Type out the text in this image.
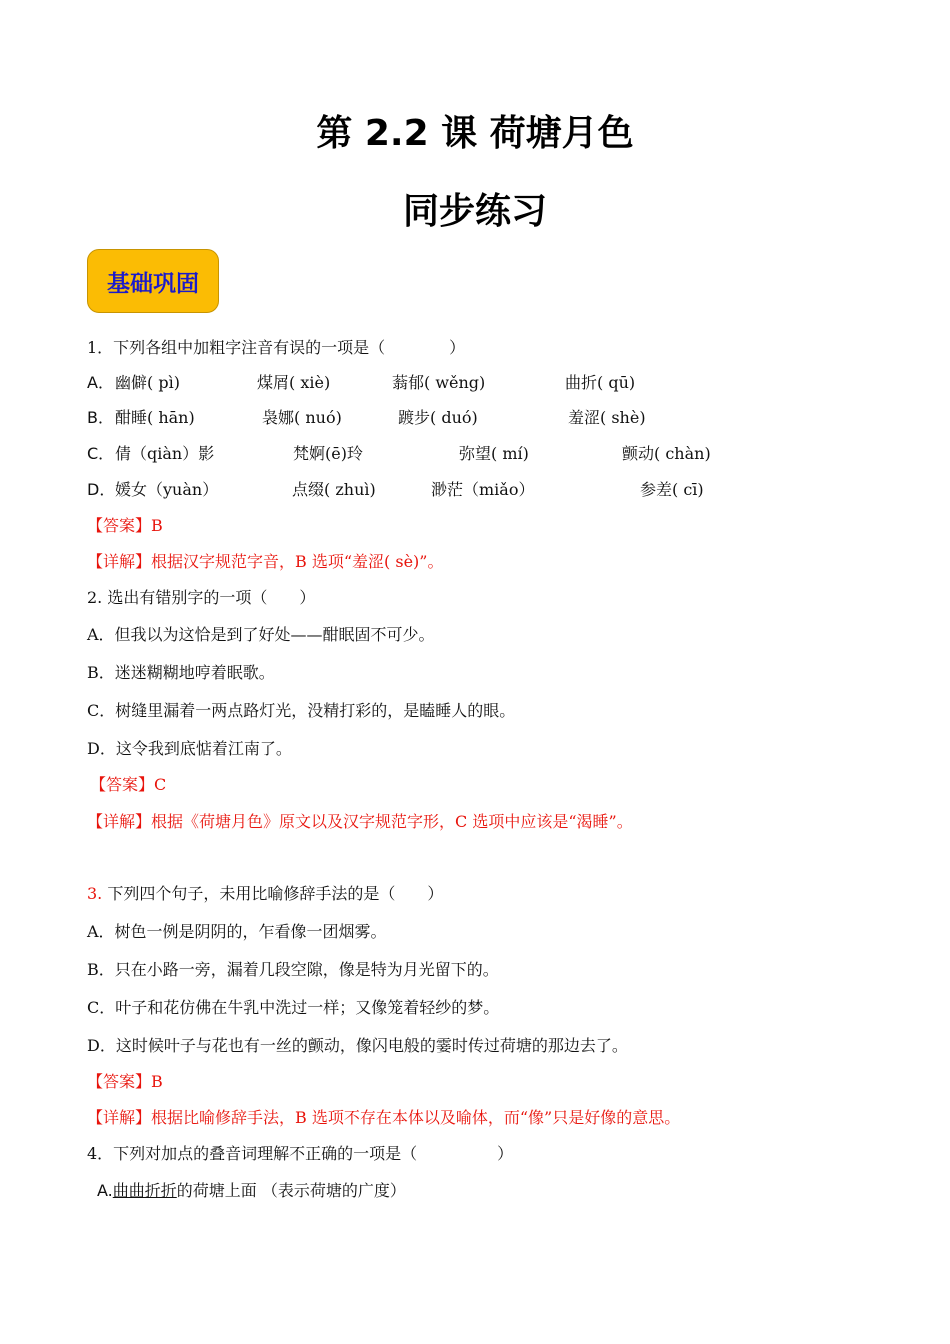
第 2.2 课 荷塘月色
同步练习
基础巩固
1．下列各组中加粗字注音有误的一项是（　　　　）
A． 幽僻( pì)	煤屑( xiè)	蓊郁( wěng)	曲折( qū)
B． 酣睡( hān)	袅娜( nuó)	踱步( duó)	羞涩( shè)
C． 倩（qiàn）影	梵婀(ē)玲	弥望( mí)	颤动( chàn)
D． 媛女（yuàn）	点缀( zhuì)	渺茫（miǎo）	参差( cī)
【答案】B
【详解】根据汉字规范字音，B 选项“羞涩( sè)”。
2. 选出有错别字的一项（　　）
A．但我以为这恰是到了好处——酣眠固不可少。
B．迷迷糊糊地哼着眠歌。
C．树缝里漏着一两点路灯光，没精打彩的，是瞌睡人的眼。
D．这令我到底惦着江南了。
【答案】C
【详解】根据《荷塘月色》原文以及汉字规范字形，C 选项中应该是“渴睡”。
3. 下列四个句子，未用比喻修辞手法的是（　　）
A．树色一例是阴阴的，乍看像一团烟雾。
B．只在小路一旁，漏着几段空隙，像是特为月光留下的。
C．叶子和花仿佛在牛乳中洗过一样；又像笼着轻纱的梦。
D．这时候叶子与花也有一丝的颤动，像闪电般的霎时传过荷塘的那边去了。
【答案】B
【详解】根据比喻修辞手法，B 选项不存在本体以及喻体，而“像”只是好像的意思。
4．下列对加点的叠音词理解不正确的一项是（　　　　　）
A.曲曲折折的荷塘上面 （表示荷塘的广度）
